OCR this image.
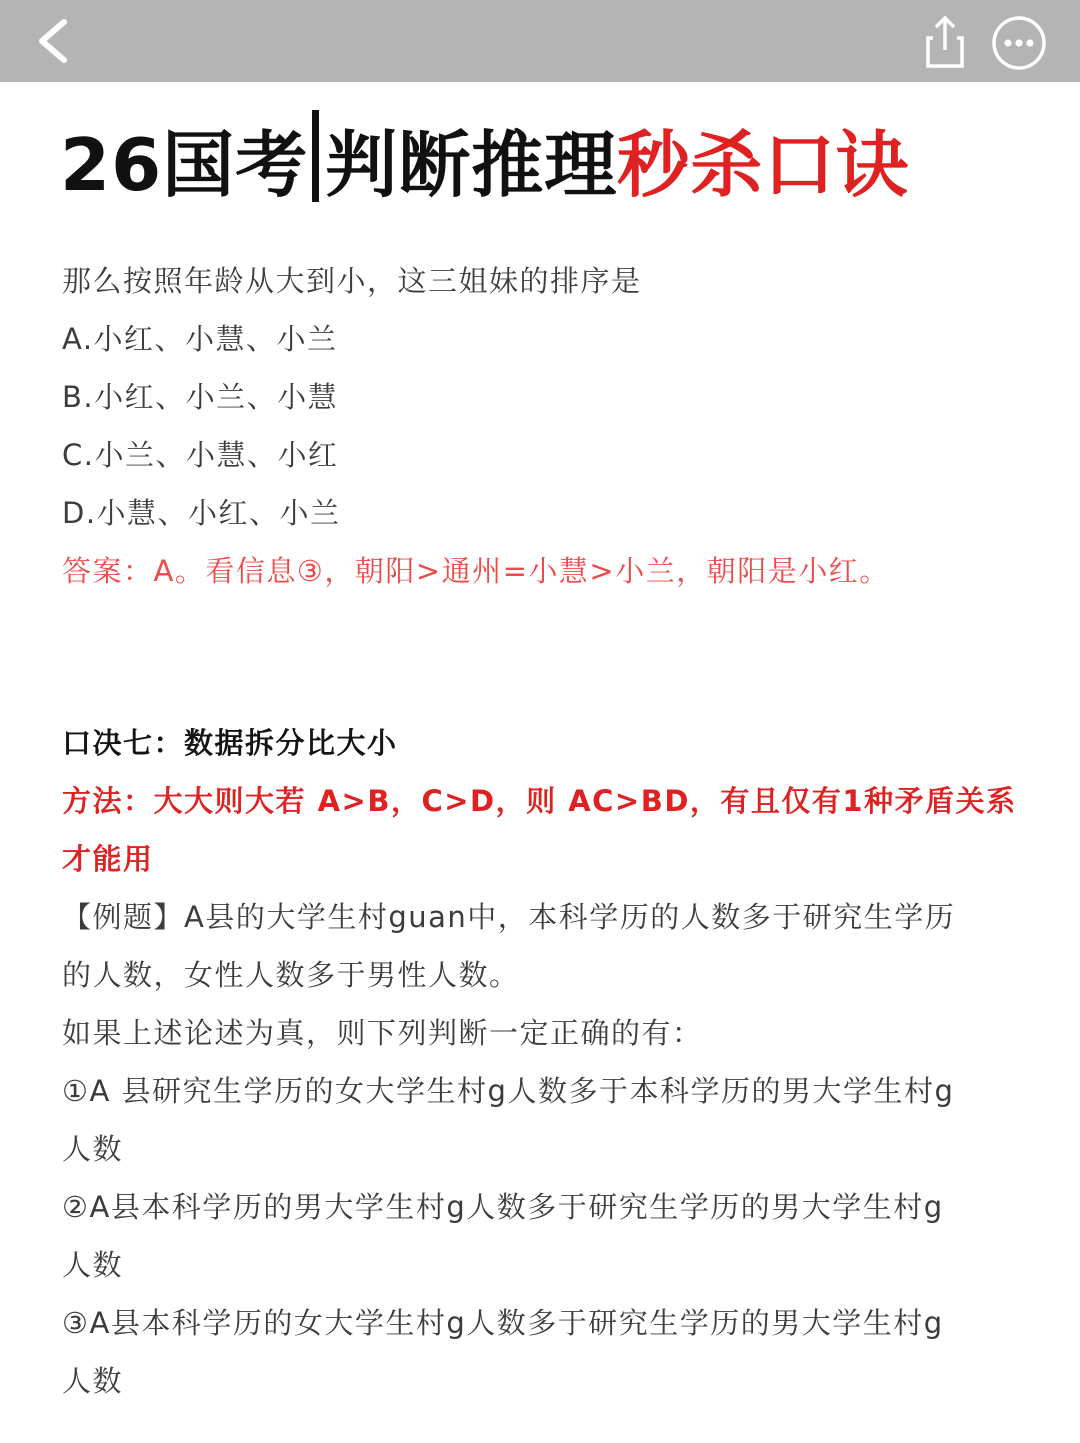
26国考 判断推理秒杀口诀
那么按照年龄从大到小，这三姐妹的排序是
A.小红、小慧、小兰
B.小红、小兰、小慧
C.小兰、小慧、小红
D.小慧、小红、小兰
答案：A。看信息③，朝阳>通州=小慧>小兰，朝阳是小红。
口决七：数据拆分比大小
方法：大大则大若 A>B，C>D，则 AC>BD，有且仅有1种矛盾关系
才能用
【例题】A县的大学生村guan中，本科学历的人数多于研究生学历
的人数，女性人数多于男性人数。
如果上述论述为真，则下列判断一定正确的有：
①A 县研究生学历的女大学生村g人数多于本科学历的男大学生村g
人数
②A县本科学历的男大学生村g人数多于研究生学历的男大学生村g
人数
③A县本科学历的女大学生村g人数多于研究生学历的男大学生村g
人数
